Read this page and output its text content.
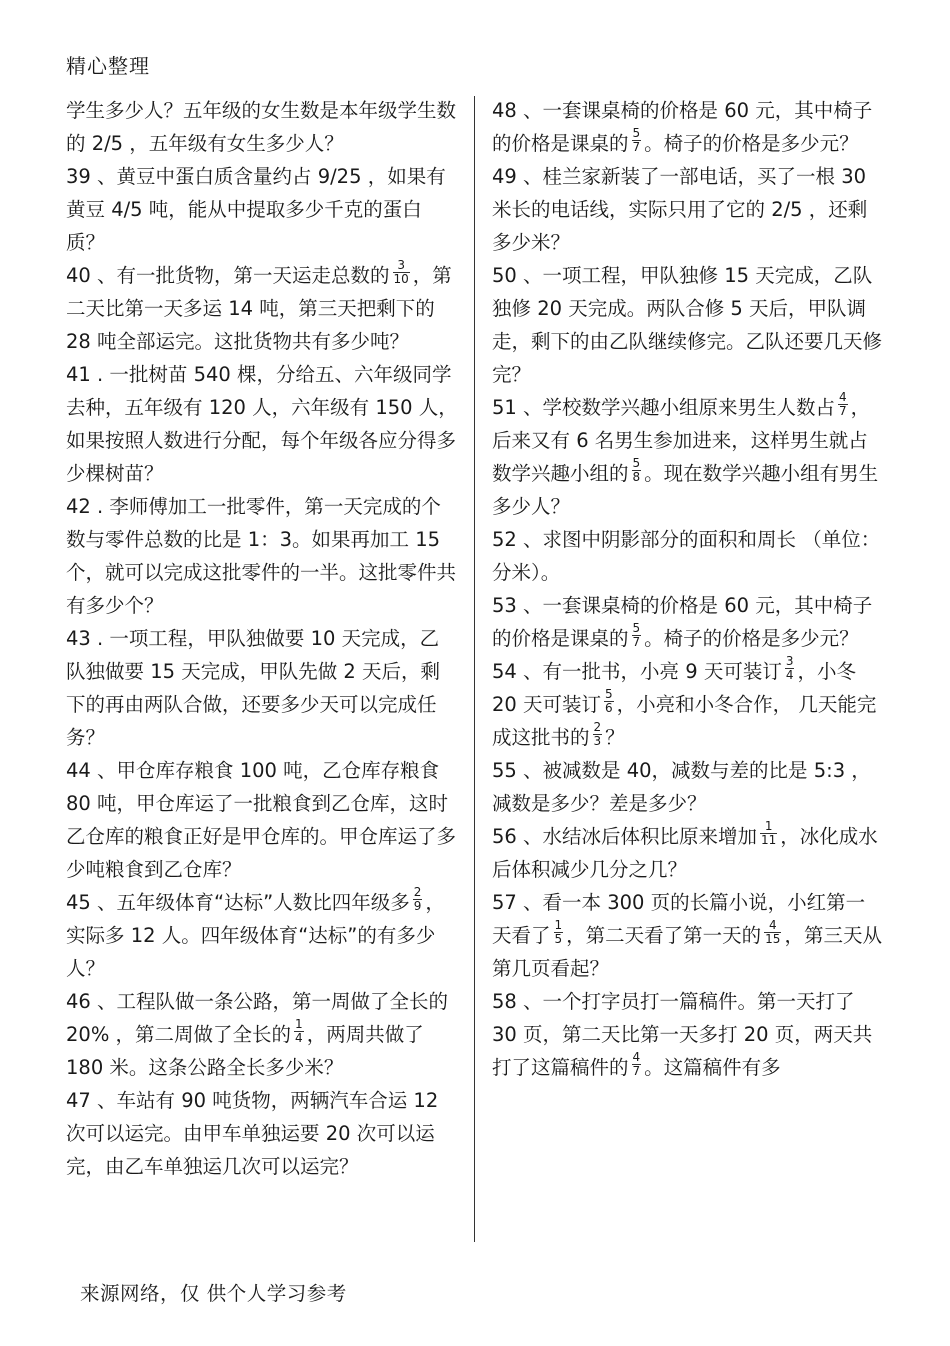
精心整理

学生多少人？五年级的女生数是本年级学生数的 2/5 ，五年级有女生多少人？

39 、黄豆中蛋白质含量约占 9/25 ，如果有黄豆 4/5 吨，能从中提取多少千克的蛋白质？

40 、有一批货物，第一天运走总数的 $\frac{3}{10}$ ，第二天比第一天多运 14 吨，第三天把剩下的 28 吨全部运完。这批货物共有多少吨？

41 . 一批树苗 540 棵，分给五、六年级同学去种，五年级有 120 人，六年级有 150 人，如果按照人数进行分配，每个年级各应分得多少棵树苗？

42 . 李师傅加工一批零件，第一天完成的个数与零件总数的比是 1：3。如果再加工 15 个，就可以完成这批零件的一半。这批零件共有多少个？

43 . 一项工程，甲队独做要 10 天完成，乙队独做要 15 天完成，甲队先做 2 天后，剩下的再由两队合做，还要多少天可以完成任务？

44 、甲仓库存粮食 100 吨，乙仓库存粮食 80 吨，甲仓库运了一批粮食到乙仓库，这时乙仓库的粮食正好是甲仓库的。甲仓库运了多少吨粮食到乙仓库？

45 、五年级体育“达标”人数比四年级多 $\frac{2}{9}$ ，实际多 12 人。四年级体育“达标”的有多少人？

46 、工程队做一条公路，第一周做了全长的 20% ，第二周做了全长的 $\frac{1}{4}$ ，两周共做了 180 米。这条公路全长多少米？

47 、车站有 90 吨货物，两辆汽车合运 12 次可以运完。由甲车单独运要 20 次可以运完，由乙车单独运几次可以运完？

48 、一套课桌椅的价格是 60 元，其中椅子的价格是课桌的 $\frac{5}{7}$ 。椅子的价格是多少元？

49 、桂兰家新装了一部电话，买了一根 30 米长的电话线，实际只用了它的 2/5 ，还剩多少米？

50 、一项工程，甲队独修 15 天完成，乙队独修 20 天完成。两队合修 5 天后，甲队调走，剩下的由乙队继续修完。乙队还要几天修完？

51 、学校数学兴趣小组原来男生人数占 $\frac{4}{7}$ ，后来又有 6 名男生参加进来，这样男生就占数学兴趣小组的 $\frac{5}{8}$ 。现在数学兴趣小组有男生多少人？

52 、求图中阴影部分的面积和周长 （单位：分米）。

53 、一套课桌椅的价格是 60 元，其中椅子的价格是课桌的 $\frac{5}{7}$ 。椅子的价格是多少元？

54 、有一批书，小亮 9 天可装订 $\frac{3}{4}$ ，小冬 20 天可装订 $\frac{5}{6}$ ，小亮和小冬合作， 几天能完成这批书的 $\frac{2}{3}$ ？

55 、被减数是 40，减数与差的比是 5:3 ，减数是多少？差是多少？

56 、水结冰后体积比原来增加 $\frac{1}{11}$ ，冰化成水后体积减少几分之几？

57 、看一本 300 页的长篇小说，小红第一天看了 $\frac{1}{5}$ ，第二天看了第一天的 $\frac{4}{15}$ ，第三天从第几页看起？

58 、一个打字员打一篇稿件。第一天打了 30 页，第二天比第一天多打 20 页，两天共打了这篇稿件的 $\frac{4}{7}$ 。这篇稿件有多

来源网络，仅 供个人学习参考
